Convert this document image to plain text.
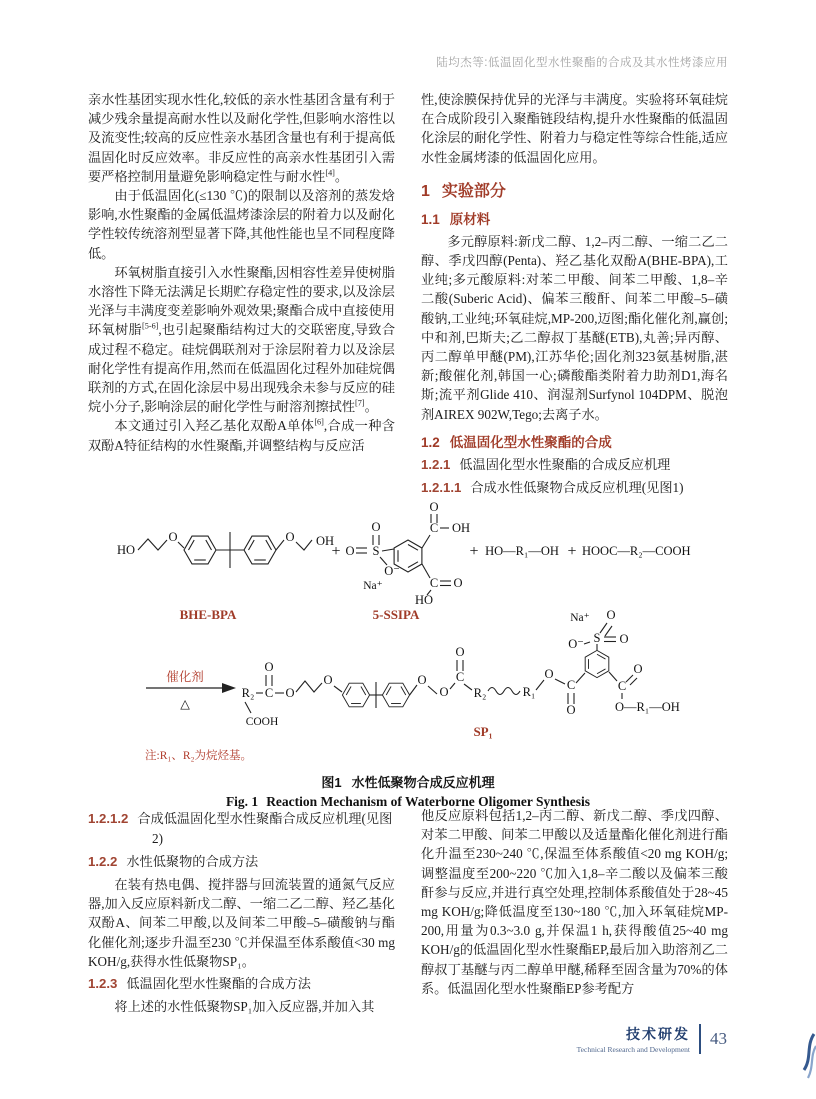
陆均杰等:低温固化型水性聚酯的合成及其水性烤漆应用

亲水性基团实现水性化,较低的亲水性基团含量有利于减少残余量提高耐水性以及耐化学性,但影响水溶性以及流变性;较高的反应性亲水基团含量也有利于提高低温固化时反应效率。非反应性的高亲水性基团引入需要严格控制用量避免影响稳定性与耐水性[4]。

由于低温固化(≤130 ℃)的限制以及溶剂的蒸发焓影响,水性聚酯的金属低温烤漆涂层的附着力以及耐化学性较传统溶剂型显著下降,其他性能也呈不同程度降低。

环氧树脂直接引入水性聚酯,因相容性差异使树脂水溶性下降无法满足长期贮存稳定性的要求,以及涂层光泽与丰满度变差影响外观效果;聚酯合成中直接使用环氧树脂[5-6],也引起聚酯结构过大的交联密度,导致合成过程不稳定。硅烷偶联剂对于涂层附着力以及涂层耐化学性有提高作用,然而在低温固化过程外加硅烷偶联剂的方式,在固化涂层中易出现残余未参与反应的硅烷小分子,影响涂层的耐化学性与耐溶剂擦拭性[7]。

本文通过引入羟乙基化双酚A单体[6],合成一种含双酚A特征结构的水性聚酯,并调整结构与反应活

性,使涂膜保持优异的光泽与丰满度。实验将环氧硅烷在合成阶段引入聚酯链段结构,提升水性聚酯的低温固化涂层的耐化学性、附着力与稳定性等综合性能,适应水性金属烤漆的低温固化应用。

1 实验部分
1.1 原材料

多元醇原料:新戊二醇、1,2–丙二醇、一缩二乙二醇、季戊四醇(Penta)、羟乙基化双酚A(BHE-BPA),工业纯;多元酸原料:对苯二甲酸、间苯二甲酸、1,8–辛二酸(Suberic Acid)、偏苯三酸酐、间苯二甲酸–5–磺酸钠,工业纯;环氧硅烷,MP-200,迈图;酯化催化剂,赢创;中和剂,巴斯夫;乙二醇叔丁基醚(ETB),丸善;异丙醇、丙二醇单甲醚(PM),江苏华伦;固化剂323氨基树脂,湛新;酸催化剂,韩国一心;磷酸酯类附着力助剂D1,海名斯;流平剂Glide 410、润湿剂Surfynol 104DPM、脱泡剂AIREX 902W,Tego;去离子水。

1.2 低温固化型水性聚酯的合成
1.2.1 低温固化型水性聚酯的合成反应机理
1.2.1.1 合成水性低聚物合成反应机理(见图1)
HO
O	O OH
BHE-BPA
+	S
O
O
O⁻
Na⁺
C
O
OH
C O
HO
5-SSIPA
+ HO—R₁—OH + HOOC—R₂—COOH
催化剂
△
R₂ C
O
COOH
O
O	O
O
C
O
R₂	R₁
O
C
O
S
Na⁺ O
O
O⁻
C
O
O—R₁—OH
SP₁
注:R₁、R₂为烷烃基。
图1 水性低聚物合成反应机理
Fig. 1 Reaction Mechanism of Waterborne Oligomer Synthesis
1.2.1.2 合成低温固化型水性聚酯合成反应机理(见图2)
1.2.2 水性低聚物的合成方法

在装有热电偶、搅拌器与回流装置的通氮气反应器,加入反应原料新戊二醇、一缩二乙二醇、羟乙基化双酚A、间苯二甲酸,以及间苯二甲酸–5–磺酸钠与酯化催化剂;逐步升温至230 ℃并保温至体系酸值<30 mg KOH/g,获得水性低聚物SP₁。

1.2.3 低温固化型水性聚酯的合成方法

将上述的水性低聚物SP₁加入反应器,并加入其

他反应原料包括1,2–丙二醇、新戊二醇、季戊四醇、对苯二甲酸、间苯二甲酸以及适量酯化催化剂进行酯化升温至230~240 ℃,保温至体系酸值<20 mg KOH/g;调整温度至200~220 ℃加入1,8–辛二酸以及偏苯三酸酐参与反应,并进行真空处理,控制体系酸值处于28~45 mg KOH/g;降低温度至130~180 ℃,加入环氧硅烷MP-200,用量为0.3~3.0 g,并保温1 h,获得酸值25~40 mg KOH/g的低温固化型水性聚酯EP,最后加入助溶剂乙二醇叔丁基醚与丙二醇单甲醚,稀释至固含量为70%的体系。低温固化型水性聚酯EP参考配方

技术研发
Technical Research and Development
43
